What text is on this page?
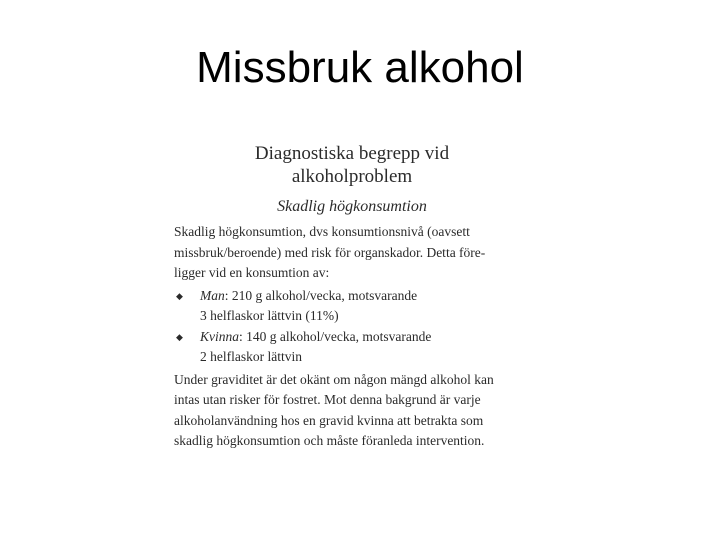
Missbruk alkohol
Diagnostiska begrepp vid
alkoholproblem
Skadlig högkonsumtion

Skadlig högkonsumtion, dvs konsumtionsnivå (oavsett
missbruk/beroende) med risk för organskador. Detta före-
ligger vid en konsumtion av:

◆ Man: 210 g alkohol/vecka, motsvarande
3 helflaskor lättvin (11%)
◆ Kvinna: 140 g alkohol/vecka, motsvarande
2 helflaskor lättvin

Under graviditet är det okänt om någon mängd alkohol kan
intas utan risker för fostret. Mot denna bakgrund är varje
alkoholanvändning hos en gravid kvinna att betrakta som
skadlig högkonsumtion och måste föranleda intervention.
